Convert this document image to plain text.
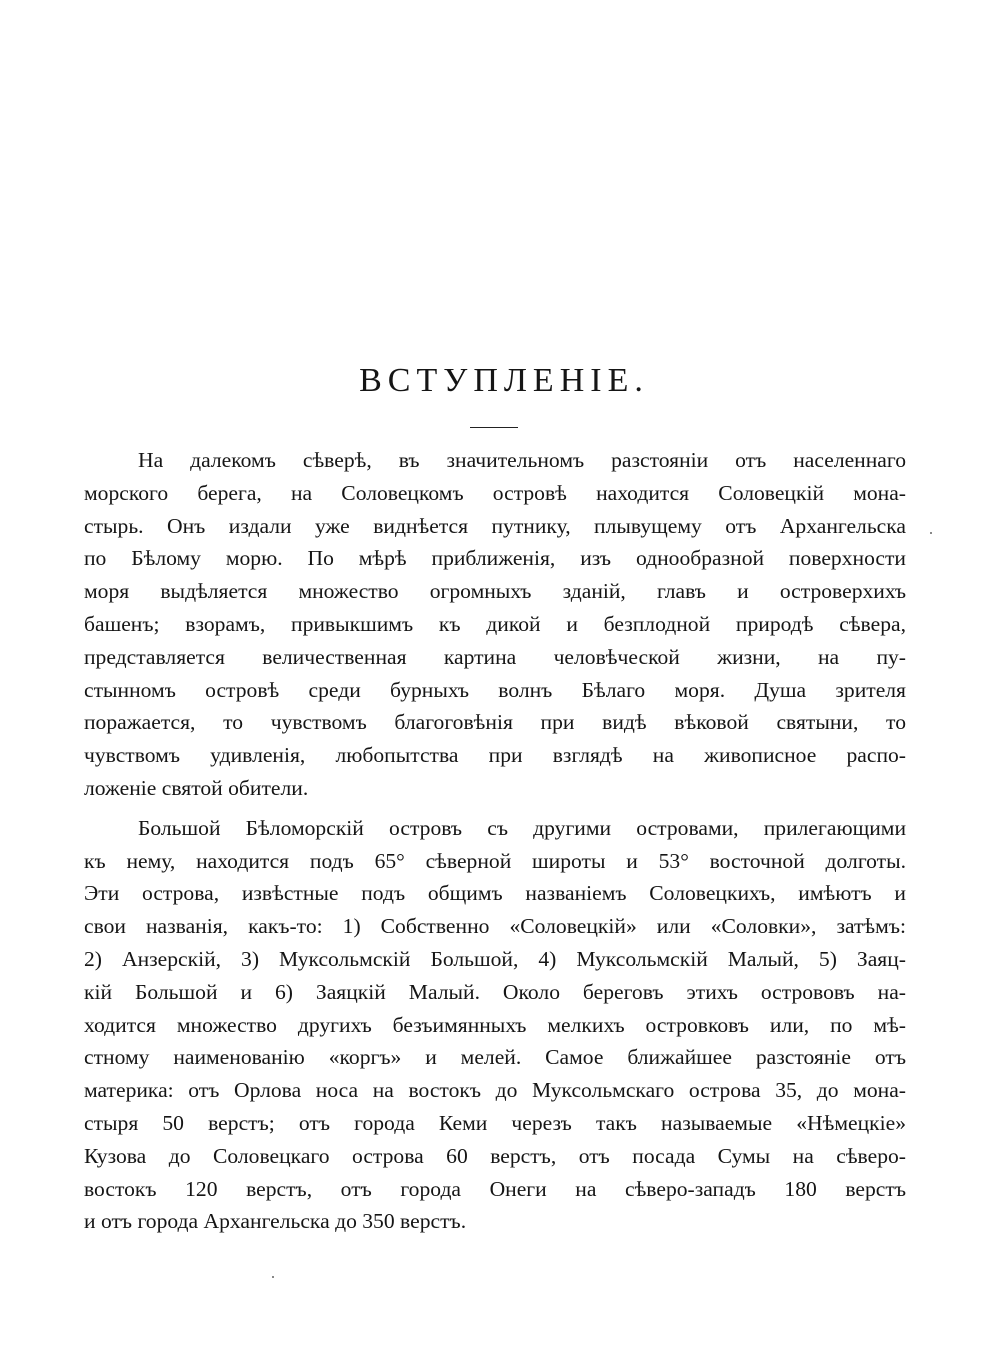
ВСТУПЛЕНІЕ.
На далекомъ сѣверѣ, въ значительномъ разстояніи отъ населеннаго
морского берега, на Соловецкомъ островѣ находится Соловецкій мона-
стырь. Онъ издали уже виднѣется путнику, плывущему отъ Архангельска
по Бѣлому морю. По мѣрѣ приближенія, изъ однообразной поверхности
моря выдѣляется множество огромныхъ зданій, главъ и островерхихъ
башенъ; взорамъ, привыкшимъ къ дикой и безплодной природѣ сѣвера,
представляется величественная картина человѣческой жизни, на пу-
стынномъ островѣ среди бурныхъ волнъ Бѣлаго моря. Душа зрителя
поражается, то чувствомъ благоговѣнія при видѣ вѣковой святыни, то
чувствомъ удивленія, любопытства при взглядѣ на живописное распо-
ложеніе святой обители.
Большой Бѣломорскій островъ съ другими островами, прилегающими
къ нему, находится подъ 65° сѣверной широты и 53° восточной долготы.
Эти острова, извѣстные подъ общимъ названіемъ Соловецкихъ, имѣютъ и
свои названія, какъ-то: 1) Собственно «Соловецкій» или «Соловки», затѣмъ:
2) Анзерскій, 3) Муксольмскій Большой, 4) Муксольмскій Малый, 5) Заяц-
кій Большой и 6) Заяцкій Малый. Около береговъ этихъ острововъ на-
ходится множество другихъ безъимянныхъ мелкихъ островковъ или, по мѣ-
стному наименованію «коргъ» и мелей. Самое ближайшее разстояніе отъ
материка: отъ Орлова носа на востокъ до Муксольмскаго острова 35, до мона-
стыря 50 верстъ; отъ города Кеми черезъ такъ называемые «Нѣмецкіе»
Кузова до Соловецкаго острова 60 верстъ, отъ посада Сумы на сѣверо-
востокъ 120 верстъ, отъ города Онеги на сѣверо-западъ 180 верстъ
и отъ города Архангельска до 350 верстъ.
